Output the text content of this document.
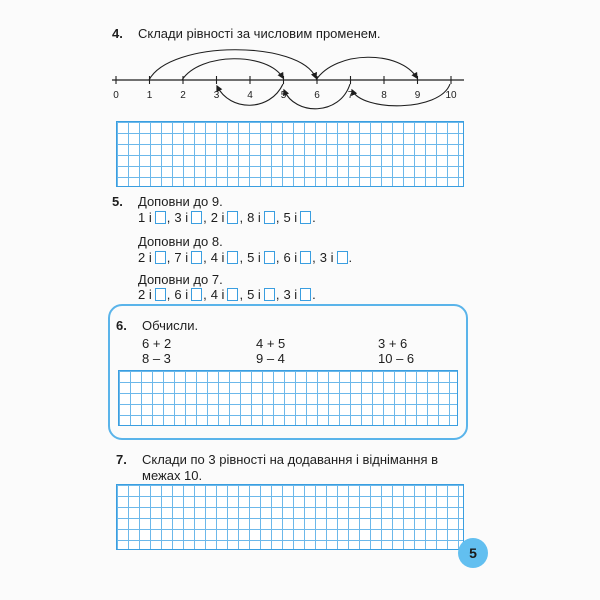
4. Склади рівності за числовим променем.
0	1	2	3	4	5	6	7	8	9	10
5. Доповни до 9.
1 і , 3 і , 2 і , 8 і , 5 і .
Доповни до 8.
2 і , 7 і , 4 і , 5 і , 6 і , 3 і .
Доповни до 7.
2 і , 6 і , 4 і , 5 і , 3 і .
6. Обчисли.
6 + 2	4 + 5	3 + 6
8 – 3	9 – 4	10 – 6
7. Склади по 3 рівності на додавання і віднімання в
межах 10.
5
